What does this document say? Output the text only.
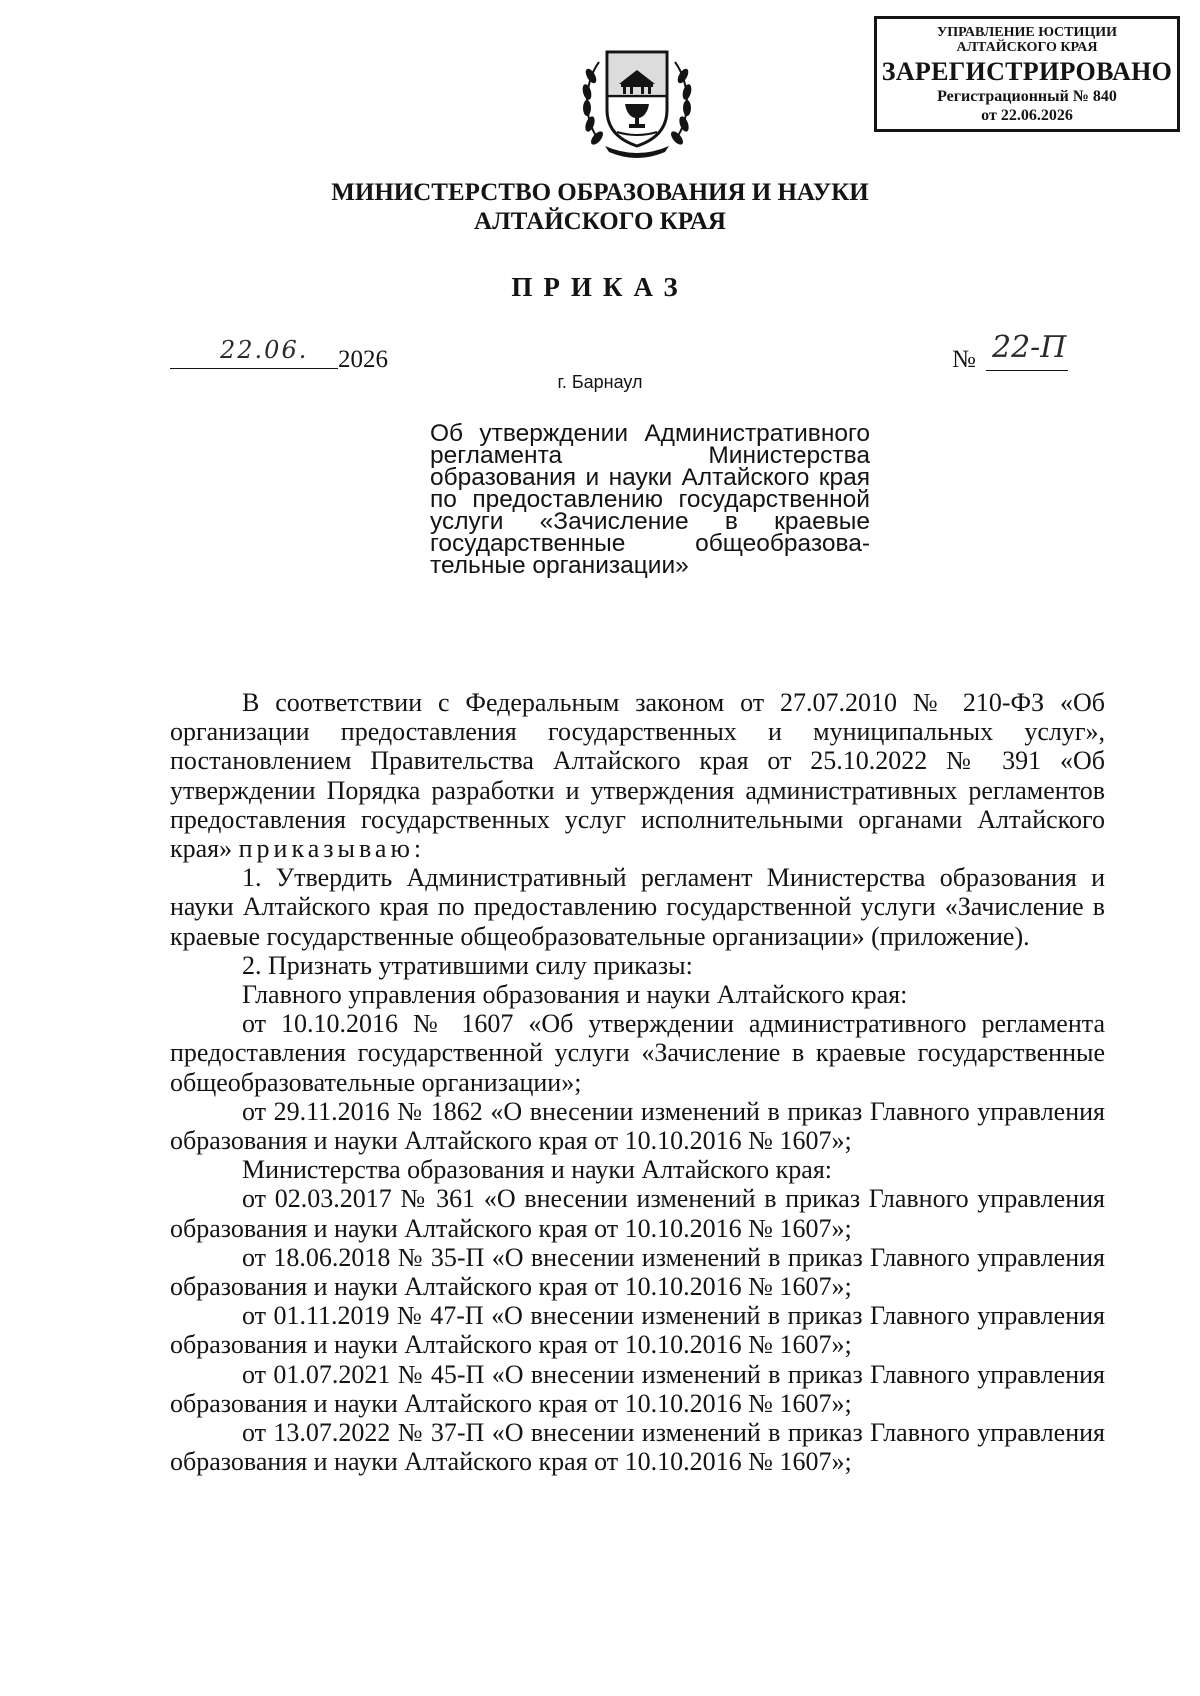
УПРАВЛЕНИЕ ЮСТИЦИИ
АЛТАЙСКОГО КРАЯ
ЗАРЕГИСТРИРОВАНО
Регистрационный № 840
от 22.06.2026
МИНИСТЕРСТВО ОБРАЗОВАНИЯ И НАУКИ
АЛТАЙСКОГО КРАЯ
ПРИКАЗ
22.06. 2026	№ 22-П
г. Барнаул
Об утверждении Административного
регламента Министерства
образования и науки Алтайского края
по предоставлению государственной
услуги «Зачисление в краевые
государственные общеобразова-
тельные организации»

В соответствии с Федеральным законом от 27.07.2010 № 210-ФЗ «Об организации предоставления государственных и муниципальных услуг», постановлением Правительства Алтайского края от 25.10.2022 № 391 «Об утверждении Порядка разработки и утверждения административных регламентов предоставления государственных услуг исполнительными органами Алтайского края» приказываю:

1. Утвердить Административный регламент Министерства образования и науки Алтайского края по предоставлению государственной услуги «Зачисление в краевые государственные общеобразовательные организации» (приложение).

2. Признать утратившими силу приказы:

Главного управления образования и науки Алтайского края:

от 10.10.2016 № 1607 «Об утверждении административного регламента предоставления государственной услуги «Зачисление в краевые государственные общеобразовательные организации»;

от 29.11.2016 № 1862 «О внесении изменений в приказ Главного управления образования и науки Алтайского края от 10.10.2016 № 1607»;

Министерства образования и науки Алтайского края:

от 02.03.2017 № 361 «О внесении изменений в приказ Главного управления образования и науки Алтайского края от 10.10.2016 № 1607»;

от 18.06.2018 № 35-П «О внесении изменений в приказ Главного управления образования и науки Алтайского края от 10.10.2016 № 1607»;

от 01.11.2019 № 47-П «О внесении изменений в приказ Главного управления образования и науки Алтайского края от 10.10.2016 № 1607»;

от 01.07.2021 № 45-П «О внесении изменений в приказ Главного управления образования и науки Алтайского края от 10.10.2016 № 1607»;

от 13.07.2022 № 37-П «О внесении изменений в приказ Главного управления образования и науки Алтайского края от 10.10.2016 № 1607»;
